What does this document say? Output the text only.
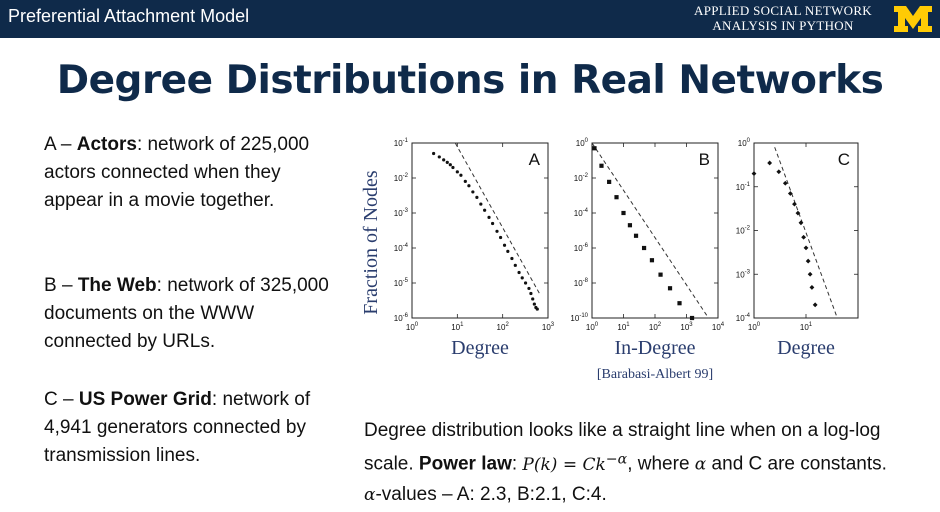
Preferential Attachment Model	APPLIED SOCIAL NETWORK
ANALYSIS IN PYTHON
Degree Distributions in Real Networks
A – Actors: network of 225,000 actors connected when they appear in a movie together.
B – The Web: network of 325,000 documents on the WWW connected by URLs.
C – US Power Grid: network of 4,941 generators connected by transmission lines.
$10^0$	$10^1$	$10^2$	$10^3$
$10^{-6}$
$10^{-5}$
$10^{-4}$
$10^{-3}$
$10^{-2}$
$10^{-1}$
A
Degree
Fraction of Nodes
$10^0$ $10^1$ $10^2$ $10^3$ $10^4$
$10^{-10}$
$10^{-8}$
$10^{-6}$
$10^{-4}$
$10^{-2}$
$10^0$
B
In-Degree
$10^0$	$10^1$
$10^{-4}$
$10^{-3}$
$10^{-2}$
$10^{-1}$
$10^0$
C
Degree
[Barabasi-Albert 99]
Degree distribution looks like a straight line when on a log-log scale. Power law: $P(k) = Ck^{-\alpha}$, where α and C are constants. α-values – A: 2.3, B:2.1, C:4.
